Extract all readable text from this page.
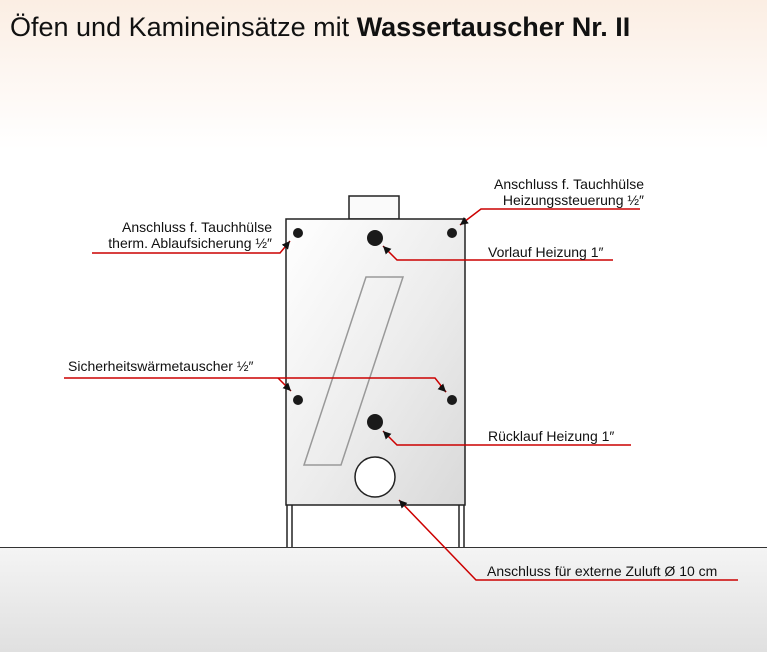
Öfen und Kamineinsätze mit Wassertauscher Nr. II
Anschluss f. Tauchhülse
Heizungssteuerung ½″
Anschluss f. Tauchhülse
therm. Ablaufsicherung ½″
Vorlauf Heizung 1″
Sicherheitswärmetauscher ½″
Rücklauf Heizung 1″
Anschluss für externe Zuluft Ø 10 cm
